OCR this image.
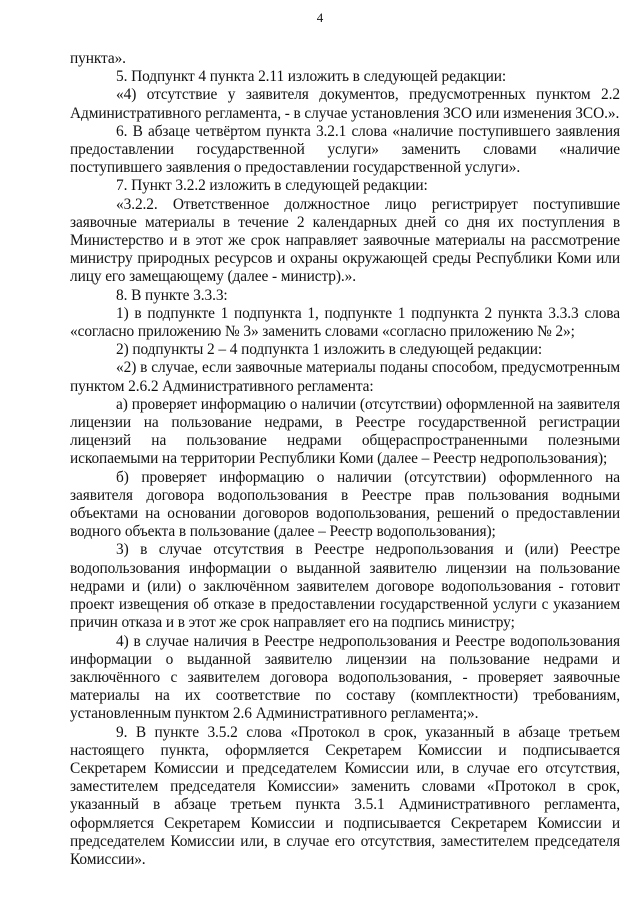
4

пункта».

5. Подпункт 4 пункта 2.11 изложить в следующей редакции:

«4) отсутствие у заявителя документов, предусмотренных пунктом 2.2 Административного регламента, - в случае установления ЗСО или изменения ЗСО.».

6. В абзаце четвёртом пункта 3.2.1 слова «наличие поступившего заявления предоставлении государственной услуги» заменить словами «наличие поступившего заявления о предоставлении государственной услуги».

7. Пункт 3.2.2 изложить в следующей редакции:

«3.2.2. Ответственное должностное лицо регистрирует поступившие заявочные материалы в течение 2 календарных дней со дня их поступления в Министерство и в этот же срок направляет заявочные материалы на рассмотрение министру природных ресурсов и охраны окружающей среды Республики Коми или лицу его замещающему (далее - министр).».

8. В пункте 3.3.3:

1) в подпункте 1 подпункта 1, подпункте 1 подпункта 2 пункта 3.3.3 слова «согласно приложению № 3» заменить словами «согласно приложению № 2»;

2) подпункты 2 – 4 подпункта 1 изложить в следующей редакции:

«2) в случае, если заявочные материалы поданы способом, предусмотренным пунктом 2.6.2 Административного регламента:

а) проверяет информацию о наличии (отсутствии) оформленной на заявителя лицензии на пользование недрами, в Реестре государственной регистрации лицензий на пользование недрами общераспространенными полезными ископаемыми на территории Республики Коми (далее – Реестр недропользования);

б) проверяет информацию о наличии (отсутствии) оформленного на заявителя договора водопользования в Реестре прав пользования водными объектами на основании договоров водопользования, решений о предоставлении водного объекта в пользование (далее – Реестр водопользования);

3) в случае отсутствия в Реестре недропользования и (или) Реестре водопользования информации о выданной заявителю лицензии на пользование недрами и (или) о заключённом заявителем договоре водопользования - готовит проект извещения об отказе в предоставлении государственной услуги с указанием причин отказа и в этот же срок направляет его на подпись министру;

4) в случае наличия в Реестре недропользования и Реестре водопользования информации о выданной заявителю лицензии на пользование недрами и заключённого с заявителем договора водопользования, - проверяет заявочные материалы на их соответствие по составу (комплектности) требованиям, установленным пунктом 2.6 Административного регламента;».

9. В пункте 3.5.2 слова «Протокол в срок, указанный в абзаце третьем настоящего пункта, оформляется Секретарем Комиссии и подписывается Секретарем Комиссии и председателем Комиссии или, в случае его отсутствия, заместителем председателя Комиссии» заменить словами «Протокол в срок, указанный в абзаце третьем пункта 3.5.1 Административного регламента, оформляется Секретарем Комиссии и подписывается Секретарем Комиссии и председателем Комиссии или, в случае его отсутствия, заместителем председателя Комиссии».
